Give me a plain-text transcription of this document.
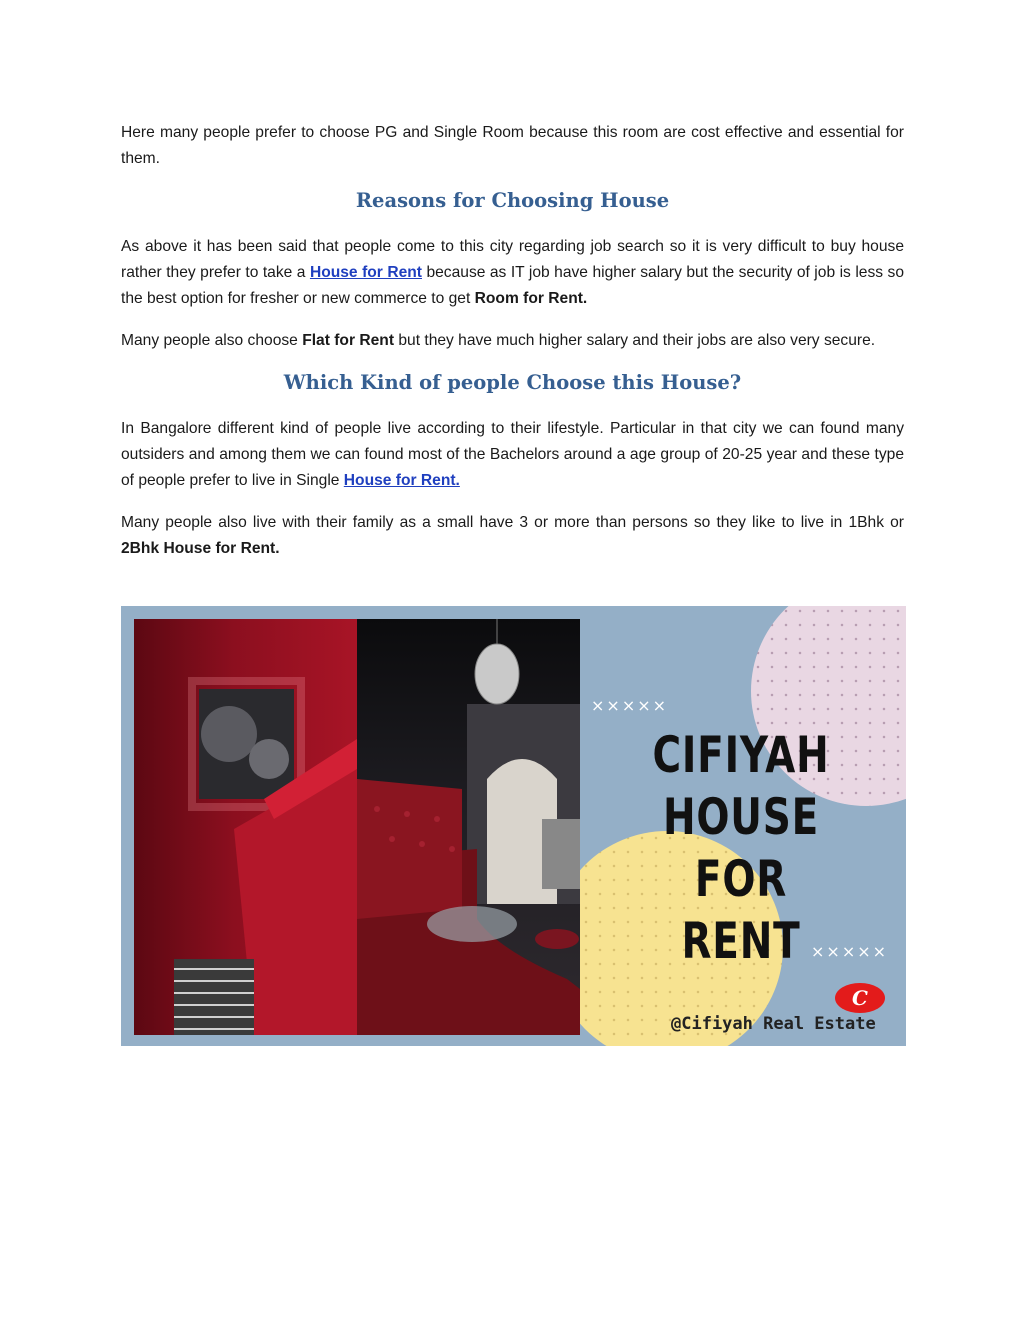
Here many people prefer to choose PG and Single Room because this room are cost effective and essential for them.

Reasons for Choosing House

As above it has been said that people come to this city regarding job search so it is very difficult to buy house rather they prefer to take a House for Rent because as IT job have higher salary but the security of job is less so the best option for fresher or new commerce to get Room for Rent.

Many people also choose Flat for Rent but they have much higher salary and their jobs are also very secure.

Which Kind of people Choose this House?

In Bangalore different kind of people live according to their lifestyle. Particular in that city we can found many outsiders and among them we can found most of the Bachelors around a age group of 20-25 year and these type of people prefer to live in Single House for Rent.

Many people also live with their family as a small have 3 or more than persons so they like to live in 1Bhk or 2Bhk House for Rent.

×××××
×××××
CIFIYAH
HOUSE FOR
RENT
C
@Cifiyah Real Estate
